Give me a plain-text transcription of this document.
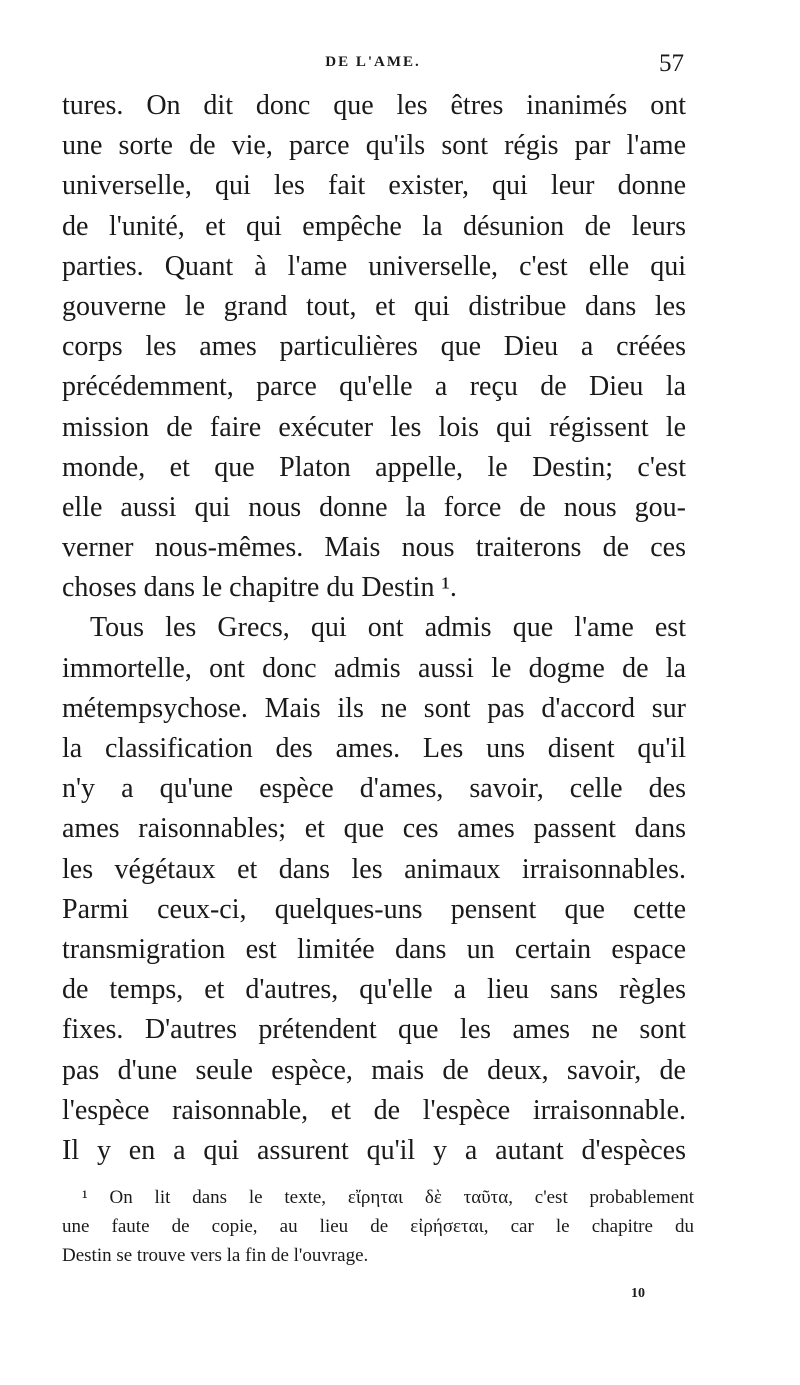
DE L'AME.	57
tures. On dit donc que les êtres inanimés ont
une sorte de vie, parce qu'ils sont régis par l'ame
universelle, qui les fait exister, qui leur donne
de l'unité, et qui empêche la désunion de leurs
parties. Quant à l'ame universelle, c'est elle qui
gouverne le grand tout, et qui distribue dans les
corps les ames particulières que Dieu a créées
précédemment, parce qu'elle a reçu de Dieu la
mission de faire exécuter les lois qui régissent le
monde, et que Platon appelle, le Destin; c'est
elle aussi qui nous donne la force de nous gou-
verner nous-mêmes. Mais nous traiterons de ces
choses dans le chapitre du Destin ¹.
Tous les Grecs, qui ont admis que l'ame est
immortelle, ont donc admis aussi le dogme de la
métempsychose. Mais ils ne sont pas d'accord sur
la classification des ames. Les uns disent qu'il
n'y a qu'une espèce d'ames, savoir, celle des
ames raisonnables; et que ces ames passent dans
les végétaux et dans les animaux irraisonnables.
Parmi ceux-ci, quelques-uns pensent que cette
transmigration est limitée dans un certain espace
de temps, et d'autres, qu'elle a lieu sans règles
fixes. D'autres prétendent que les ames ne sont
pas d'une seule espèce, mais de deux, savoir, de
l'espèce raisonnable, et de l'espèce irraisonnable.
Il y en a qui assurent qu'il y a autant d'espèces
¹ On lit dans le texte, εἴρηται δὲ ταῦτα, c'est probablement
une faute de copie, au lieu de εἰρήσεται, car le chapitre du
Destin se trouve vers la fin de l'ouvrage.
10
